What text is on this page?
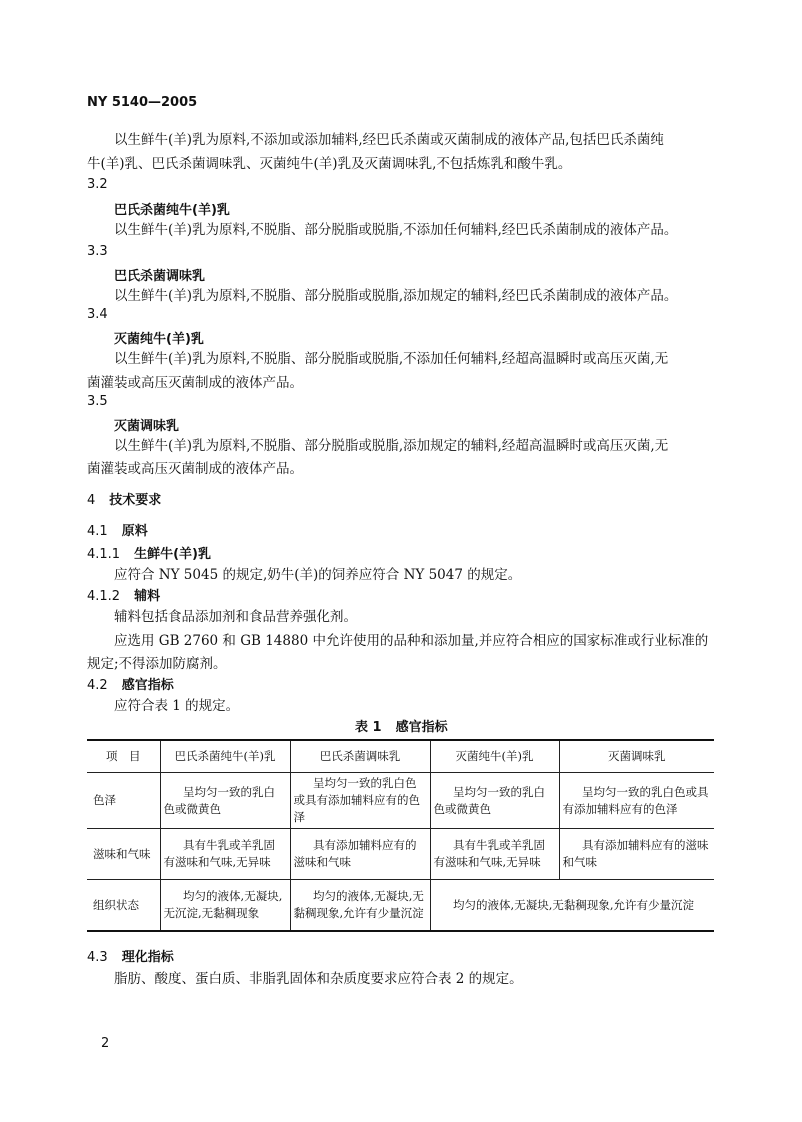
NY 5140—2005
以生鲜牛(羊)乳为原料,不添加或添加辅料,经巴氏杀菌或灭菌制成的液体产品,包括巴氏杀菌纯
牛(羊)乳、巴氏杀菌调味乳、灭菌纯牛(羊)乳及灭菌调味乳,不包括炼乳和酸牛乳。
3.2
巴氏杀菌纯牛(羊)乳
以生鲜牛(羊)乳为原料,不脱脂、部分脱脂或脱脂,不添加任何辅料,经巴氏杀菌制成的液体产品。
3.3
巴氏杀菌调味乳
以生鲜牛(羊)乳为原料,不脱脂、部分脱脂或脱脂,添加规定的辅料,经巴氏杀菌制成的液体产品。
3.4
灭菌纯牛(羊)乳
以生鲜牛(羊)乳为原料,不脱脂、部分脱脂或脱脂,不添加任何辅料,经超高温瞬时或高压灭菌,无
菌灌装或高压灭菌制成的液体产品。
3.5
灭菌调味乳
以生鲜牛(羊)乳为原料,不脱脂、部分脱脂或脱脂,添加规定的辅料,经超高温瞬时或高压灭菌,无
菌灌装或高压灭菌制成的液体产品。
4 技术要求
4.1 原料
4.1.1 生鲜牛(羊)乳
应符合 NY 5045 的规定,奶牛(羊)的饲养应符合 NY 5047 的规定。
4.1.2 辅料
辅料包括食品添加剂和食品营养强化剂。
应选用 GB 2760 和 GB 14880 中允许使用的品种和添加量,并应符合相应的国家标准或行业标准的
规定;不得添加防腐剂。
4.2 感官指标
应符合表 1 的规定。
表 1 感官指标
项　目	巴氏杀菌纯牛(羊)乳	巴氏杀菌调味乳	灭菌纯牛(羊)乳	灭菌调味乳
色泽	呈均匀一致的乳白色或微黄色	呈均匀一致的乳白色或具有添加辅料应有的色泽	呈均匀一致的乳白色或微黄色	呈均匀一致的乳白色或具有添加辅料应有的色泽
滋味和气味	具有牛乳或羊乳固有滋味和气味,无异味	具有添加辅料应有的滋味和气味	具有牛乳或羊乳固有滋味和气味,无异味	具有添加辅料应有的滋味和气味
组织状态	均匀的液体,无凝块,无沉淀,无黏稠现象	均匀的液体,无凝块,无黏稠现象,允许有少量沉淀	均匀的液体,无凝块,无黏稠现象,允许有少量沉淀	
4.3 理化指标
脂肪、酸度、蛋白质、非脂乳固体和杂质度要求应符合表 2 的规定。
2
